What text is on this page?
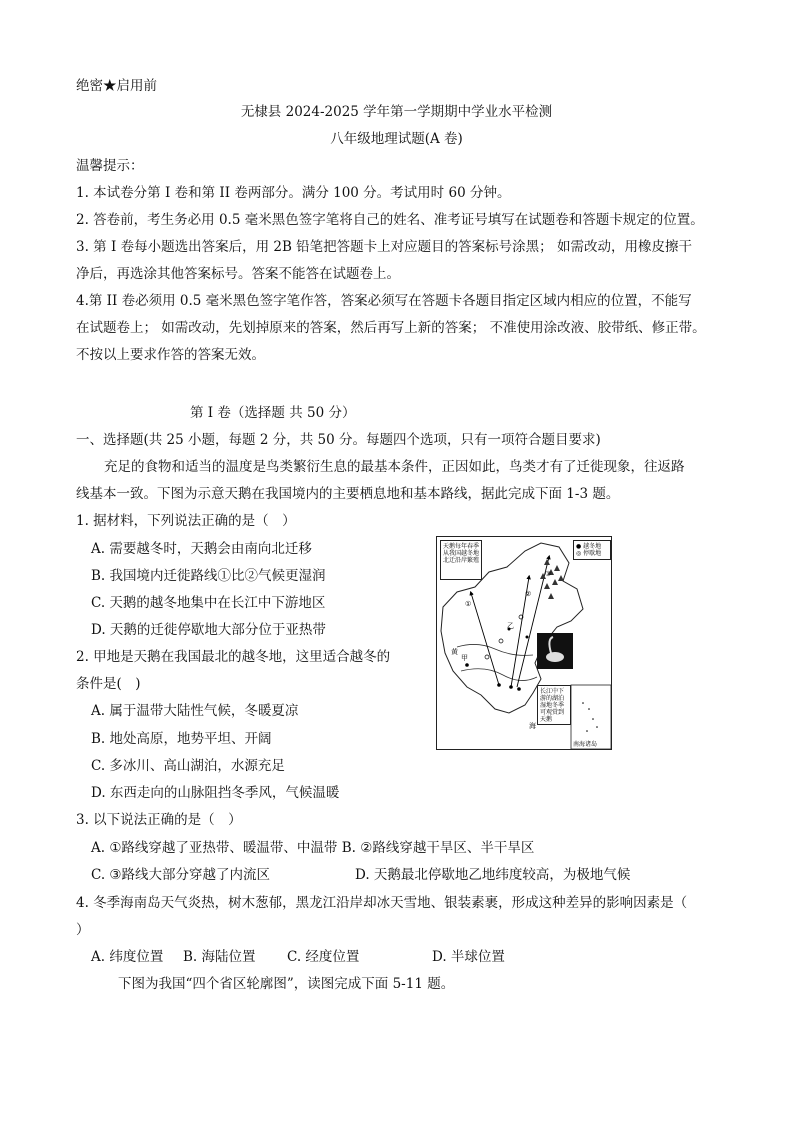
绝密★启用前
无棣县 2024-2025 学年第一学期期中学业水平检测
八年级地理试题(A 卷)
温馨提示：
1. 本试卷分第 I 卷和第 II 卷两部分。满分 100 分。考试用时 60 分钟。
2. 答卷前，考生务必用 0.5 毫米黑色签字笔将自己的姓名、准考证号填写在试题卷和答题卡规定的位置。
3. 第 I 卷每小题选出答案后，用 2B 铅笔把答题卡上对应题目的答案标号涂黑； 如需改动，用橡皮擦干
净后，再选涂其他答案标号。答案不能答在试题卷上。
4.第 II 卷必须用 0.5 毫米黑色签字笔作答，答案必须写在答题卡各题目指定区域内相应的位置，不能写
在试题卷上； 如需改动，先划掉原来的答案，然后再写上新的答案； 不准使用涂改液、胶带纸、修正带。
不按以上要求作答的答案无效。
第 I 卷（选择题 共 50 分）
一、选择题(共 25 小题，每题 2 分，共 50 分。每题四个选项，只有一项符合题目要求)
充足的食物和适当的温度是鸟类繁衍生息的最基本条件，正因如此，鸟类才有了迁徙现象，往返路
线基本一致。下图为示意天鹅在我国境内的主要栖息地和基本路线，据此完成下面 1-3 题。
1. 据材料，下列说法正确的是（　）
A. 需要越冬时，天鹅会由南向北迁移
B. 我国境内迁徙路线①比②气候更湿润
C. 天鹅的越冬地集中在长江中下游地区
D. 天鹅的迁徙停歇地大部分位于亚热带
2. 甲地是天鹅在我国最北的越冬地，这里适合越冬的
条件是(　)
A. 属于温带大陆性气候，冬暖夏凉
B. 地处高原，地势平坦、开阔
C. 多冰川、高山湖泊，水源充足
D. 东西走向的山脉阻挡冬季风，气候温暖
3. 以下说法正确的是（　）
A. ①路线穿越了亚热带、暖温带、中温带 B. ②路线穿越干旱区、半干旱区
C. ③路线大部分穿越了内流区	D. 天鹅最北停歇地乙地纬度较高，为极地气候
4. 冬季海南岛天气炎热，树木葱郁，黑龙江沿岸却冰天雪地、银装素裹，形成这种差异的影响因素是（
）
A. 纬度位置 B. 海陆位置 C. 经度位置	D. 半球位置
下图为我国“四个省区轮廓图”，读图完成下面 5-11 题。
天鹅每年春季从我国越冬地北迁沿岸繁殖
● 越冬地
◎ 停歇地
长江中下游的湖泊湿地冬季可观赏到天鹅
南海诸岛
①
②
③
甲
乙
黄
海
